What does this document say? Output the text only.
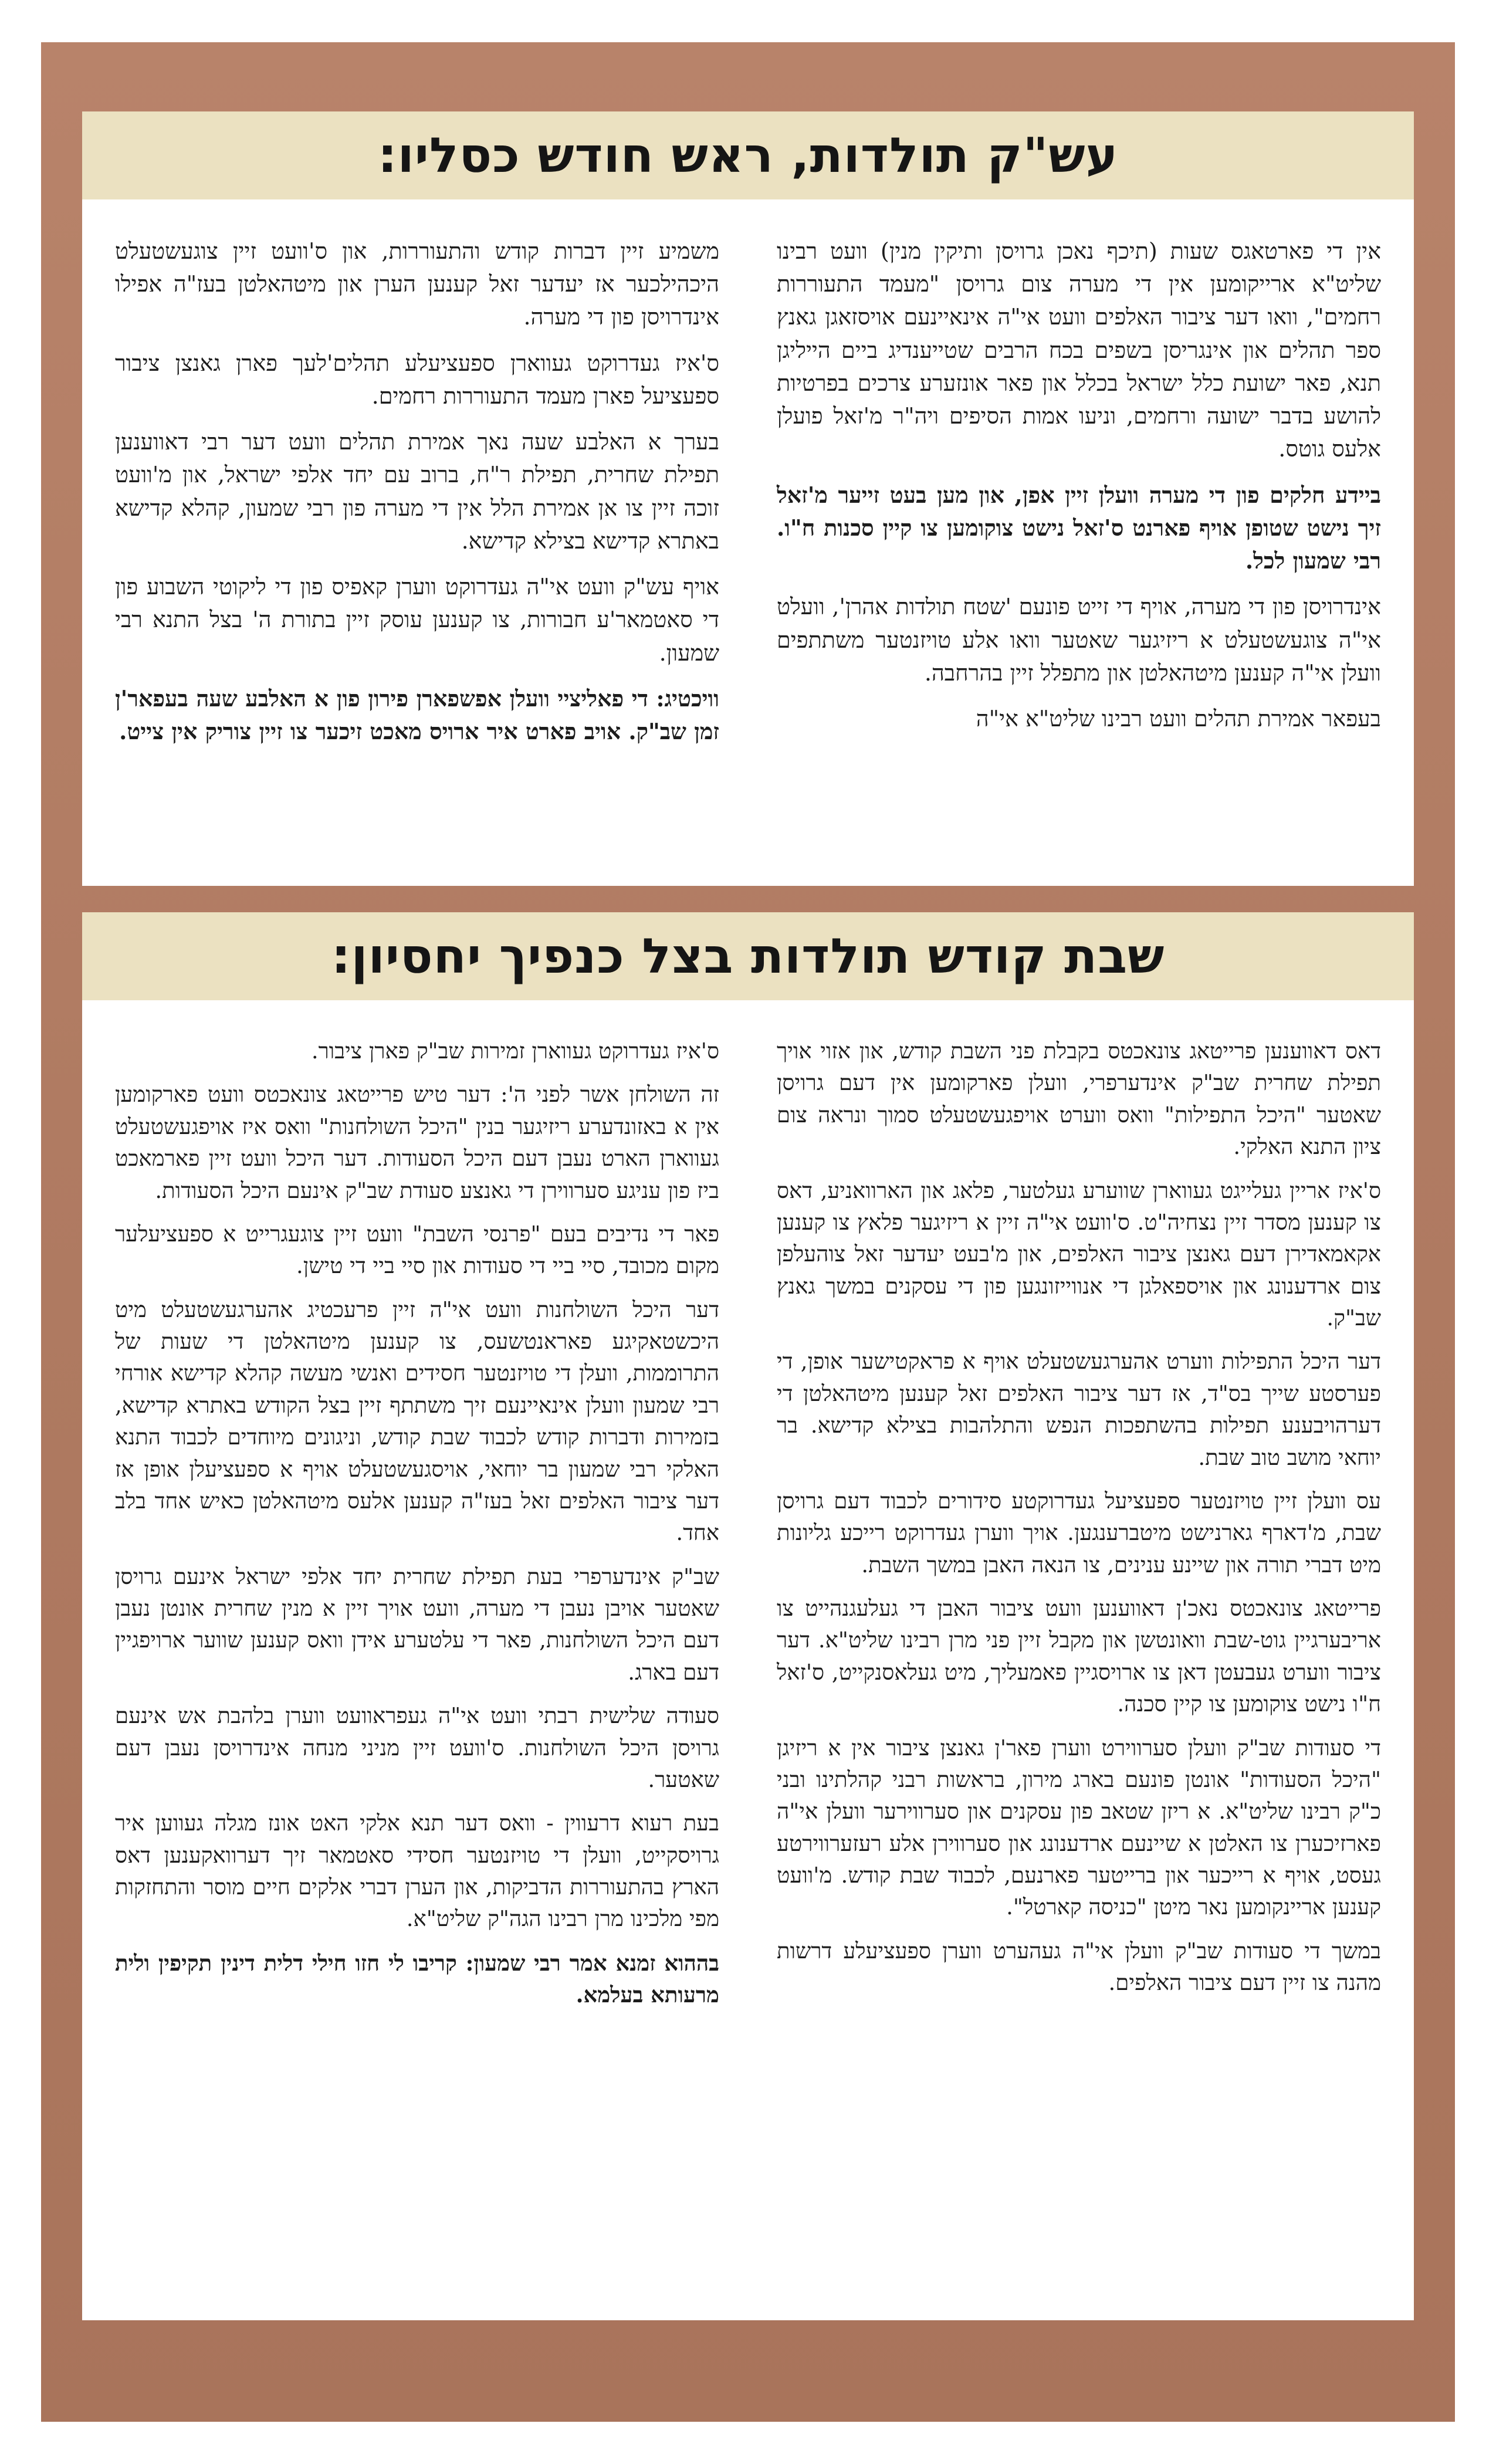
עש"ק תולדות, ראש חודש כסליו:

אין די פארטאגס שעות (תיכף נאכן גרויסן ותיקין מנין) וועט רבינו שליט"א ארייקומען אין די מערה צום גרויסן "מעמד התעוררות רחמים", וואו דער ציבור האלפים וועט אי"ה אינאיינעם אויסזאגן גאנץ ספר תהלים און אינגריסן בשפים בכח הרבים שטייענדיג ביים הייליגן תנא, פאר ישועת כלל ישראל בכלל און פאר אונזערע צרכים בפרטיות להושע בדבר ישועה ורחמים, וניעו אמות הסיפים ויה"ר מ'זאל פועלן אלעס גוטס.

ביידע חלקים פון די מערה וועלן זיין אפן, און מען בעט זייער מ'זאל זיך נישט שטופן אויף פארנט ס'זאל נישט צוקומען צו קיין סכנות ח"ו. רבי שמעון לכל.

אינדרויסן פון די מערה, אויף די זייט פונעם 'שטח תולדות אהרן', וועלט אי"ה צוגעשטעלט א ריזיגער שאטער וואו אלע טויזנטער משתתפים וועלן אי"ה קענען מיטהאלטן און מתפלל זיין בהרחבה.

בעפאר אמירת תהלים וועט רבינו שליט"א אי"ה

משמיע זיין דברות קודש והתעוררות, און ס'וועט זיין צוגעשטעלט היכהילכער אז יעדער זאל קענען הערן און מיטהאלטן בעז"ה אפילו אינדרויסן פון די מערה.

ס'איז געדרוקט געווארן ספעציעלע תהלים'לעך פארן גאנצן ציבור ספעציעל פארן מעמד התעוררות רחמים.

בערך א האלבע שעה נאך אמירת תהלים וועט דער רבי דאווענען תפילת שחרית, תפילת ר"ח, ברוב עם יחד אלפי ישראל, און מ'וועט זוכה זיין צו אן אמירת הלל אין די מערה פון רבי שמעון, קהלא קדישא באתרא קדישא בצילא קדישא.

אויף עש"ק וועט אי"ה געדרוקט ווערן קאפיס פון די ליקוטי השבוע פון די סאטמאר'ע חבורות, צו קענען עוסק זיין בתורת ה' בצל התנא רבי שמעון.

וויכטיג: די פאליציי וועלן אפשפארן פירון פון א האלבע שעה בעפאר'ן זמן שב"ק. אויב פארט איר ארויס מאכט זיכער צו זיין צוריק אין צייט.

שבת קודש תולדות בצל כנפיך יחסיון:

דאס דאווענען פרייטאג צונאכטס בקבלת פני השבת קודש, און אזוי אויך תפילת שחרית שב"ק אינדערפרי, וועלן פארקומען אין דעם גרויסן שאטער "היכל התפילות" וואס ווערט אויפגעשטעלט סמוך ונראה צום ציון התנא האלקי.

ס'איז אריין געלייגט געווארן שווערע געלטער, פלאג און הארוואניע, דאס צו קענען מסדר זיין נצחיה"ט. ס'וועט אי"ה זיין א ריזיגער פלאץ צו קענען אקאמאדירן דעם גאנצן ציבור האלפים, און מ'בעט יעדער זאל צוהעלפן צום ארדענונג און אויספאלגן די אנווייזונגען פון די עסקנים במשך גאנץ שב"ק.

דער היכל התפילות ווערט אהערגעשטעלט אויף א פראקטישער אופן, די פערסטע שייך בס"ד, אז דער ציבור האלפים זאל קענען מיטהאלטן די דערהויבענע תפילות בהשתפכות הנפש והתלהבות בצילא קדישא. בר יוחאי מושב טוב שבת.

עס וועלן זיין טויזנטער ספעציעל געדרוקטע סידורים לכבוד דעם גרויסן שבת, מ'דארף גארנישט מיטברענגען. אויך ווערן געדרוקט רייכע גליונות מיט דברי תורה און שיינע ענינים, צו הנאה האבן במשך השבת.

פרייטאג צונאכטס נאכ'ן דאווענען וועט ציבור האבן די געלעגנהייט צו אריבערגיין גוט-שבת וואונטשן און מקבל זיין פני מרן רבינו שליט"א. דער ציבור ווערט געבעטן דאן צו ארויסגיין פאמעליך, מיט געלאסנקייט, ס'זאל ח"ו נישט צוקומען צו קיין סכנה.

די סעודות שב"ק וועלן סערווירט ווערן פאר'ן גאנצן ציבור אין א ריזיגן "היכל הסעודות" אונטן פונעם בארג מירון, בראשות רבני קהלתינו ובני כ"ק רבינו שליט"א. א ריזן שטאב פון עסקנים און סערווירער וועלן אי"ה פארזיכערן צו האלטן א שיינעם ארדענונג און סערווירן אלע רעזערווירטע געסט, אויף א רייכער און ברייטער פארנעם, לכבוד שבת קודש. מ'וועט קענען אריינקומען נאר מיטן "כניסה קארטל".

במשך די סעודות שב"ק וועלן אי"ה געהערט ווערן ספעציעלע דרשות מהנה צו זיין דעם ציבור האלפים.

ס'איז געדרוקט געווארן זמירות שב"ק פארן ציבור.

זה השולחן אשר לפני ה': דער טיש פרייטאג צונאכטס וועט פארקומען אין א באזונדערע ריזיגער בנין "היכל השולחנות" וואס איז אויפגעשטעלט געווארן הארט נעבן דעם היכל הסעודות. דער היכל וועט זיין פארמאכט ביז פון עניגע סערווירן די גאנצע סעודת שב"ק אינעם היכל הסעודות.

פאר די נדיבים בעם "פרנסי השבת" וועט זיין צוגעגרייט א ספעציעלער מקום מכובד, סיי ביי די סעודות און סיי ביי די טישן.

דער היכל השולחנות וועט אי"ה זיין פרעכטיג אהערגעשטעלט מיט היכשטאקיגע פאראנטשעס, צו קענען מיטהאלטן די שעות של התרוממות, וועלן די טויזנטער חסידים ואנשי מעשה קהלא קדישא אורחי רבי שמעון וועלן אינאיינעם זיך משתתף זיין בצל הקודש באתרא קדישא, בזמירות ודברות קודש לכבוד שבת קודש, וניגונים מיוחדים לכבוד התנא האלקי רבי שמעון בר יוחאי, אויסגעשטעלט אויף א ספעציעלן אופן אז דער ציבור האלפים זאל בעז"ה קענען אלעס מיטהאלטן כאיש אחד בלב אחד.

שב"ק אינדערפרי בעת תפילת שחרית יחד אלפי ישראל אינעם גרויסן שאטער אויבן נעבן די מערה, וועט אויך זיין א מנין שחרית אונטן נעבן דעם היכל השולחנות, פאר די עלטערע אידן וואס קענען שווער ארויפגיין דעם בארג.

סעודה שלישית רבתי וועט אי"ה געפראוועט ווערן בלהבת אש אינעם גרויסן היכל השולחנות. ס'וועט זיין מניני מנחה אינדרויסן נעבן דעם שאטער.

בעת רעוא דרעווין - וואס דער תנא אלקי האט אונז מגלה געווען איר גרויסקייט, וועלן די טויזנטער חסידי סאטמאר זיך דערוואקענען דאס הארץ בהתעוררות הדביקות, און הערן דברי אלקים חיים מוסר והתחזקות מפי מלכינו מרן רבינו הגה"ק שליט"א.

בההוא זמנא אמר רבי שמעון: קריבו לי חזו חילי דלית דינין תקיפין ולית מרעותא בעלמא.
